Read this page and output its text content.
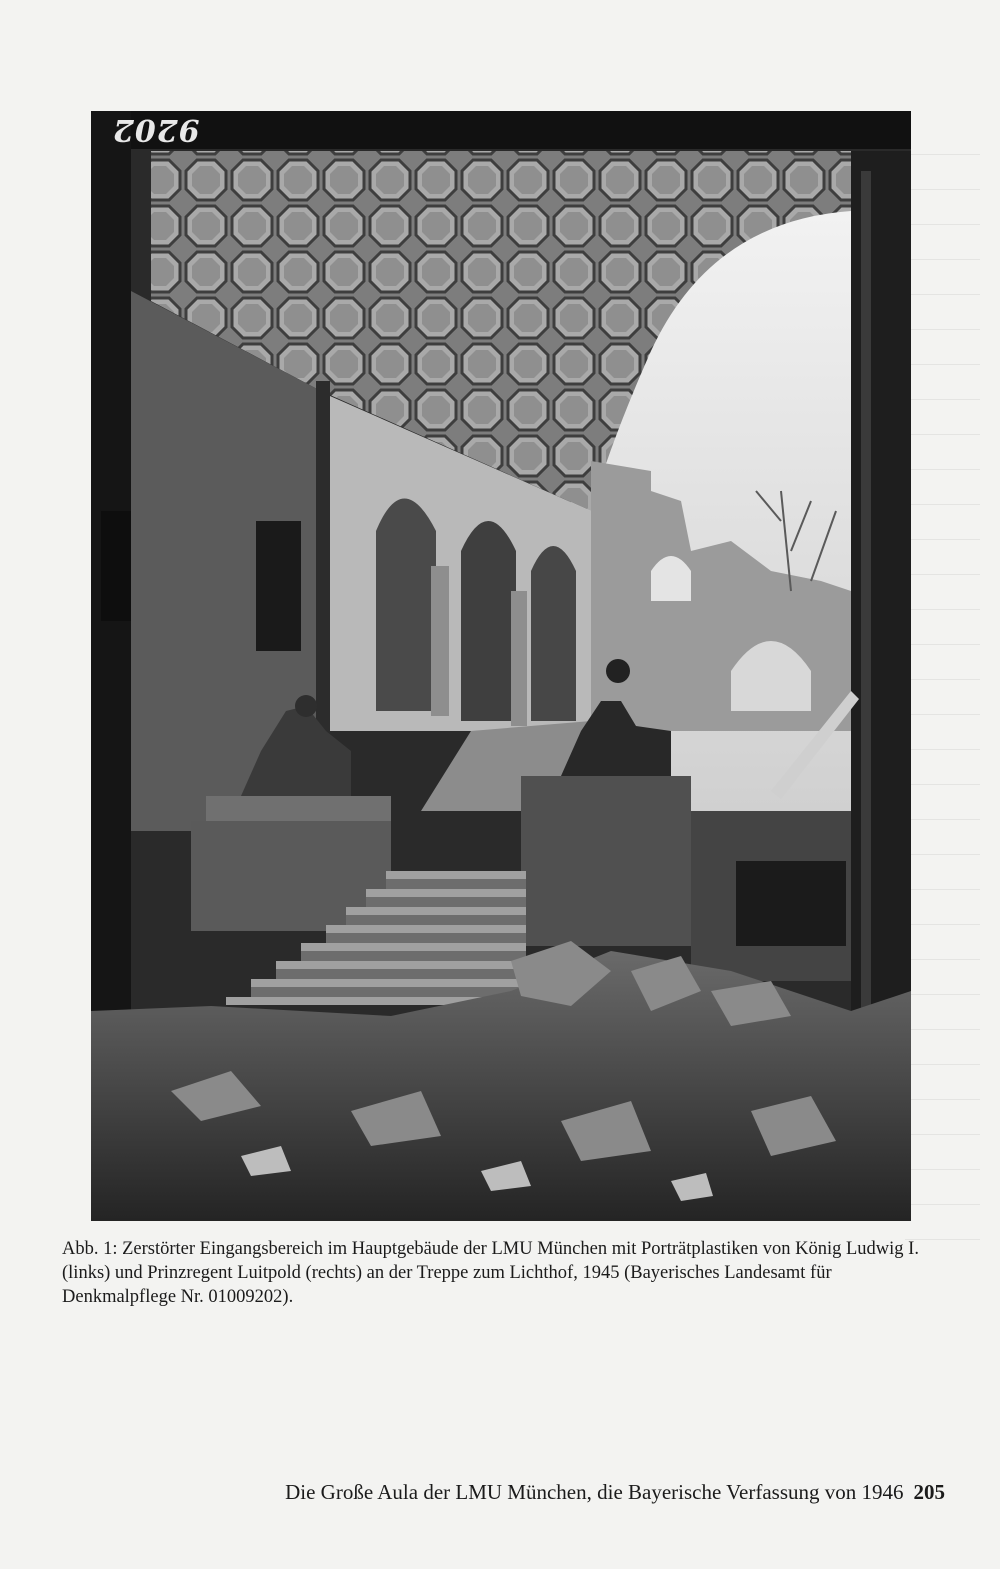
9202
Abb. 1: Zerstörter Eingangsbereich im Hauptgebäude der LMU München mit Porträtplastiken von König Ludwig I. (links) und Prinzregent Luitpold (rechts) an der Treppe zum Lichthof, 1945 (Bayerisches Landesamt für Denkmalpflege Nr. 01009202).
Die Große Aula der LMU München, die Bayerische Verfassung von 1946 205
